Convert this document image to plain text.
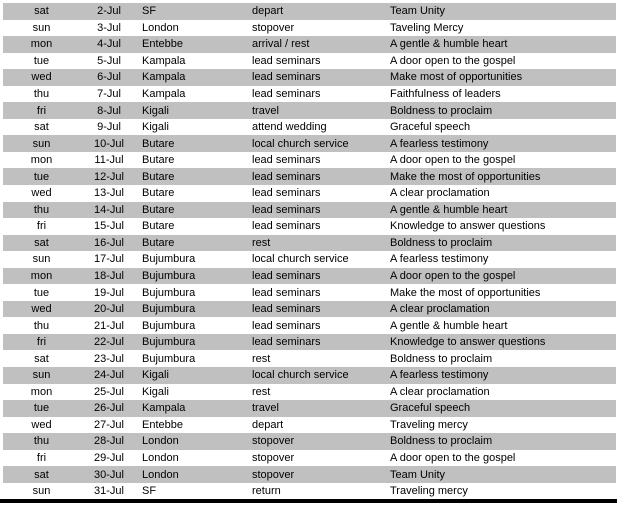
sat	2-Jul	SF	depart	Team Unity
sun	3-Jul	London	stopover	Taveling Mercy
mon	4-Jul	Entebbe	arrival / rest	A gentle & humble heart
tue	5-Jul	Kampala	lead seminars	A door open to the gospel
wed	6-Jul	Kampala	lead seminars	Make most of opportunities
thu	7-Jul	Kampala	lead seminars	Faithfulness of leaders
fri	8-Jul	Kigali	travel	Boldness to proclaim
sat	9-Jul	Kigali	attend wedding	Graceful speech
sun	10-Jul	Butare	local church service	A fearless testimony
mon	11-Jul	Butare	lead seminars	A door open to the gospel
tue	12-Jul	Butare	lead seminars	Make the most of opportunities
wed	13-Jul	Butare	lead seminars	A clear proclamation
thu	14-Jul	Butare	lead seminars	A gentle & humble heart
fri	15-Jul	Butare	lead seminars	Knowledge to answer questions
sat	16-Jul	Butare	rest	Boldness to proclaim
sun	17-Jul	Bujumbura	local church service	A fearless testimony
mon	18-Jul	Bujumbura	lead seminars	A door open to the gospel
tue	19-Jul	Bujumbura	lead seminars	Make the most of opportunities
wed	20-Jul	Bujumbura	lead seminars	A clear proclamation
thu	21-Jul	Bujumbura	lead seminars	A gentle & humble heart
fri	22-Jul	Bujumbura	lead seminars	Knowledge to answer questions
sat	23-Jul	Bujumbura	rest	Boldness to proclaim
sun	24-Jul	Kigali	local church service	A fearless testimony
mon	25-Jul	Kigali	rest	A clear proclamation
tue	26-Jul	Kampala	travel	Graceful speech
wed	27-Jul	Entebbe	depart	Traveling mercy
thu	28-Jul	London	stopover	Boldness to proclaim
fri	29-Jul	London	stopover	A door open to the gospel
sat	30-Jul	London	stopover	Team Unity
sun	31-Jul	SF	return	Traveling mercy
